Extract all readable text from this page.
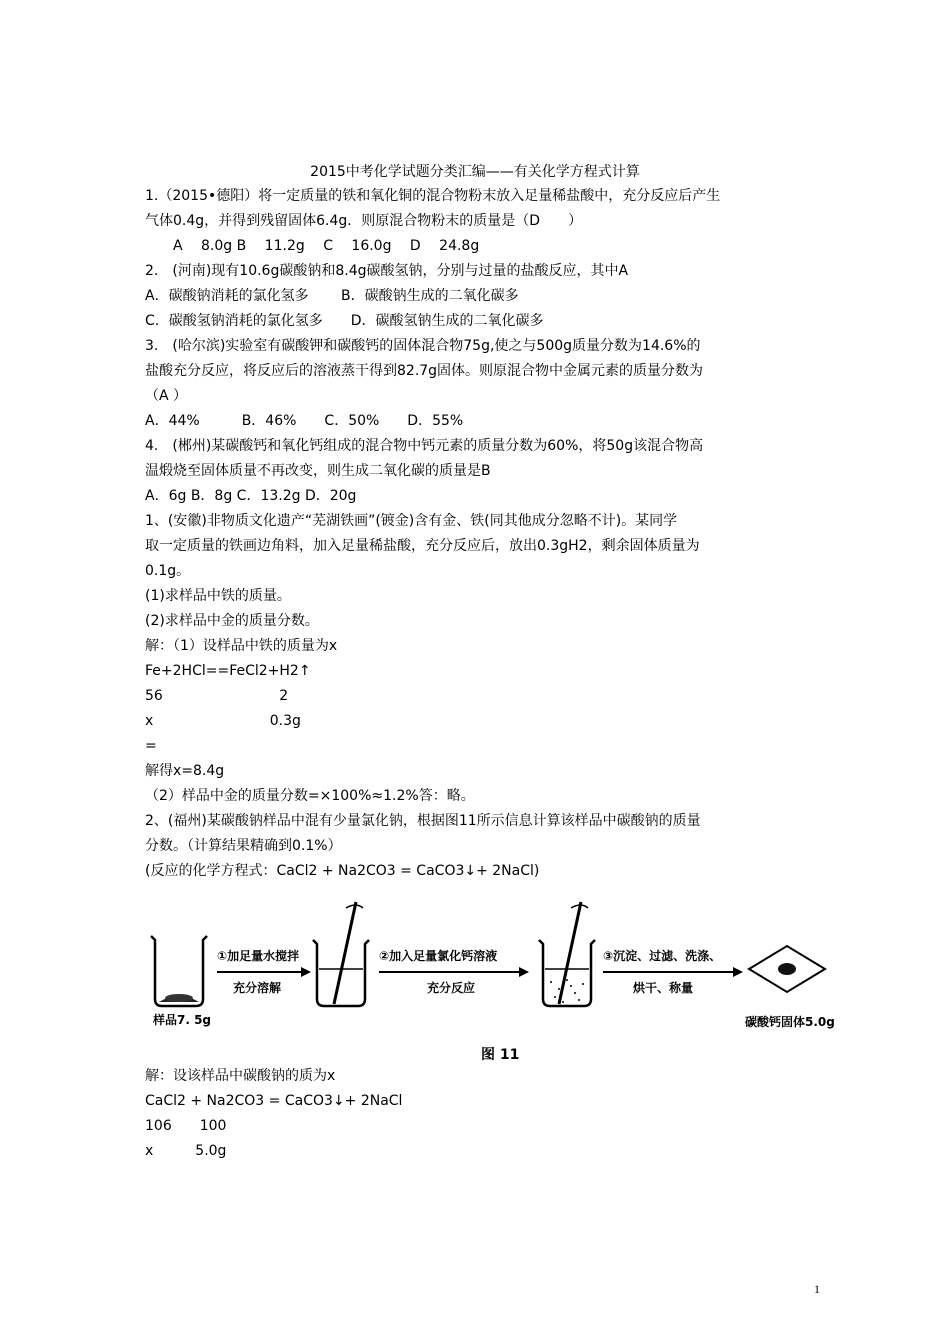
2015中考化学试题分类汇编——有关化学方程式计算

1.（2015•德阳）将一定质量的铁和氧化铜的混合物粉末放入足量稀盐酸中，充分反应后产生

气体0.4g，并得到残留固体6.4g．则原混合物粉末的质量是（D　　）

　　A　 8.0g B　 11.2g　 C　 16.0g　 D　 24.8g

2.　(河南)现有10.6g碳酸钠和8.4g碳酸氢钠，分别与过量的盐酸反应，其中A

A．碳酸钠消耗的氯化氢多　　 B．碳酸钠生成的二氧化碳多

C．碳酸氢钠消耗的氯化氢多　　D．碳酸氢钠生成的二氧化碳多

3.　(哈尔滨)实验室有碳酸钾和碳酸钙的固体混合物75g,使之与500g质量分数为14.6%的

盐酸充分反应，将反应后的溶液蒸干得到82.7g固体。则原混合物中金属元素的质量分数为

（A ）

A．44%　　　B．46%　　C．50%　　D．55%

4.　(郴州)某碳酸钙和氧化钙组成的混合物中钙元素的质量分数为60%，将50g该混合物高

温煅烧至固体质量不再改变，则生成二氧化碳的质量是B

A．6g B．8g C．13.2g D．20g

1、(安徽)非物质文化遗产“芜湖铁画”(镀金)含有金、铁(同其他成分忽略不计)。某同学

取一定质量的铁画边角料，加入足量稀盐酸，充分反应后，放出0.3gH2，剩余固体质量为

0.1g。

(1)求样品中铁的质量。

(2)求样品中金的质量分数。

解：（1）设样品中铁的质量为x

Fe+2HCl==FeCl2+H2↑

56　　　　　　　　 2

x　　　　　　　　 0.3g

=

解得x=8.4g

（2）样品中金的质量分数=×100%≈1.2%答：略。

2、(福州)某碳酸钠样品中混有少量氯化钠，根据图11所示信息计算该样品中碳酸钠的质量

分数。（计算结果精确到0.1%）

(反应的化学方程式：CaCl2 + Na2CO3 = CaCO3↓+ 2NaCl)

样品7. 5g
①加足量水搅拌
充分溶解
②加入足量氯化钙溶液
充分反应
③沉淀、过滤、洗涤、
烘干、称量
碳酸钙固体5.0g
图 11

解：设该样品中碳酸钠的质为x

CaCl2 + Na2CO3 = CaCO3↓+ 2NaCl

106　　100

x　　　5.0g

1
